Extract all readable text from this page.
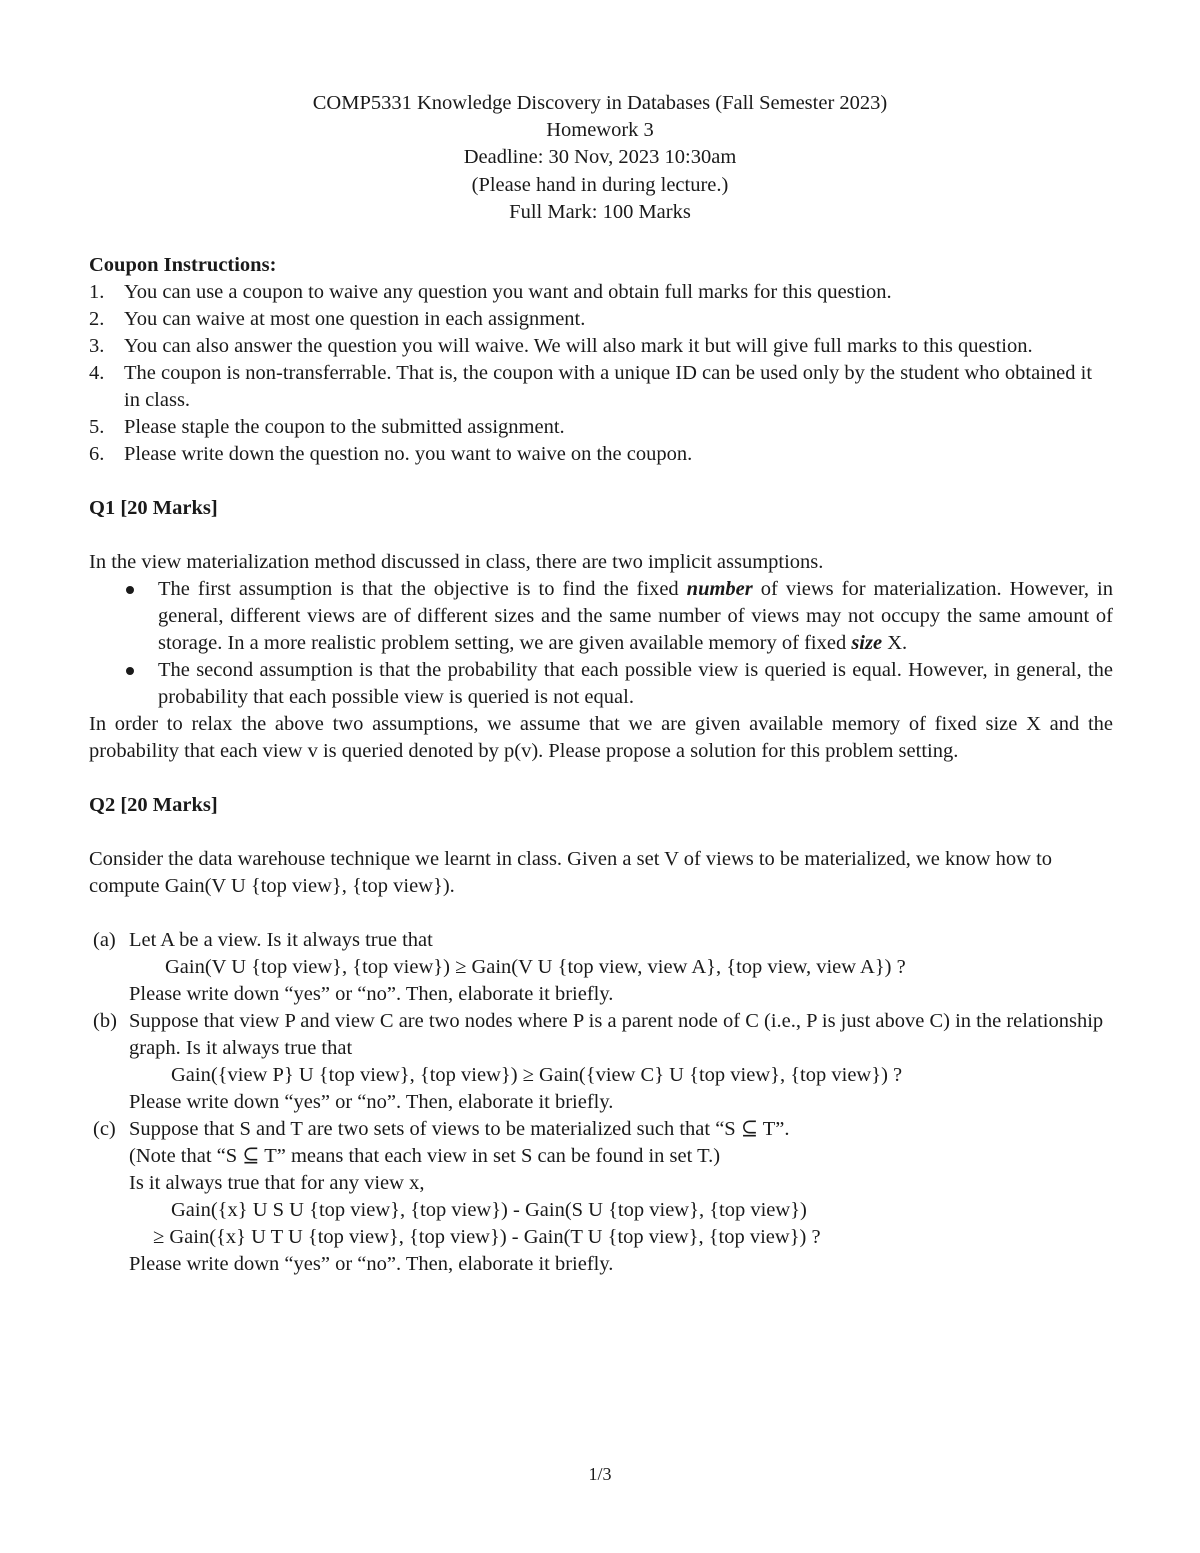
COMP5331 Knowledge Discovery in Databases (Fall Semester 2023)
Homework 3
Deadline: 30 Nov, 2023 10:30am
(Please hand in during lecture.)
Full Mark: 100 Marks
Coupon Instructions:
1. You can use a coupon to waive any question you want and obtain full marks for this question.
2. You can waive at most one question in each assignment.
3. You can also answer the question you will waive. We will also mark it but will give full marks to this question.
4. The coupon is non-transferrable. That is, the coupon with a unique ID can be used only by the student who obtained it in class.
5. Please staple the coupon to the submitted assignment.
6. Please write down the question no. you want to waive on the coupon.
Q1 [20 Marks]
In the view materialization method discussed in class, there are two implicit assumptions.
The first assumption is that the objective is to find the fixed number of views for materialization. However, in general, different views are of different sizes and the same number of views may not occupy the same amount of storage. In a more realistic problem setting, we are given available memory of fixed size X.
The second assumption is that the probability that each possible view is queried is equal. However, in general, the probability that each possible view is queried is not equal.
In order to relax the above two assumptions, we assume that we are given available memory of fixed size X and the probability that each view v is queried denoted by p(v). Please propose a solution for this problem setting.
Q2 [20 Marks]
Consider the data warehouse technique we learnt in class. Given a set V of views to be materialized, we know how to compute Gain(V U {top view}, {top view}).
(a) Let A be a view. Is it always true that
Gain(V U {top view}, {top view}) ≥ Gain(V U {top view, view A}, {top view, view A}) ?
Please write down “yes” or “no”. Then, elaborate it briefly.
(b) Suppose that view P and view C are two nodes where P is a parent node of C (i.e., P is just above C) in the relationship graph. Is it always true that
Gain({view P} U {top view}, {top view}) ≥ Gain({view C} U {top view}, {top view}) ?
Please write down “yes” or “no”. Then, elaborate it briefly.
(c) Suppose that S and T are two sets of views to be materialized such that “S ⊆ T”.
(Note that “S ⊆ T” means that each view in set S can be found in set T.)
Is it always true that for any view x,
Gain({x} U S U {top view}, {top view}) - Gain(S U {top view}, {top view})
≥ Gain({x} U T U {top view}, {top view}) - Gain(T U {top view}, {top view}) ?
Please write down “yes” or “no”. Then, elaborate it briefly.
1/3
